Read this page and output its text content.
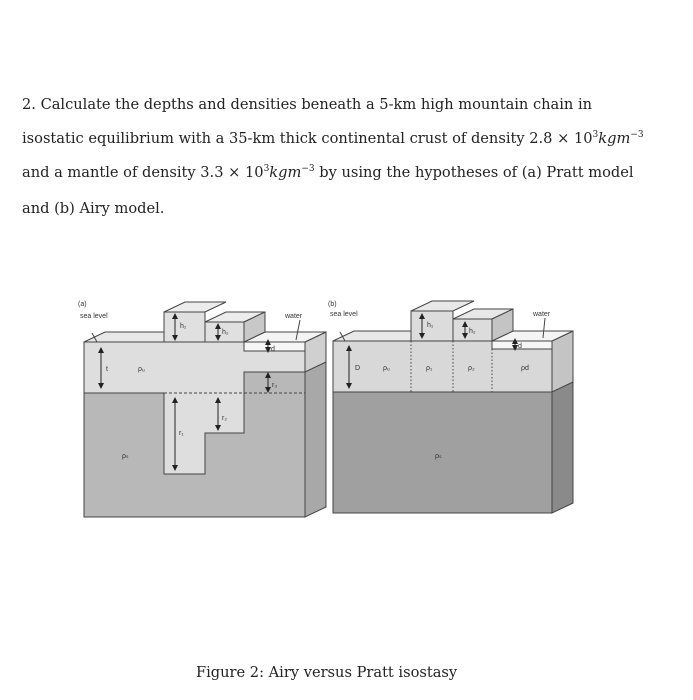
2. Calculate the depths and densities beneath a 5-km high mountain chain in
isostatic equilibrium with a 35-km thick continental crust of density $2.8 \times 10^3kgm^{-3}$
and a mantle of density $3.3 \times 10^3kgm^{-3}$ by using the hypotheses of (a) Pratt model
and (b) Airy model.
(a)
sea level	water
h₁
h₂
d
t	ρᵤ
r₃
r₂
r₁
ρₛ
(b)
sea level	water
h₁
h₂
d
D	ρᵤ	ρ₁	ρ₂	ρd
ρₛ
Figure 2: Airy versus Pratt isostasy
